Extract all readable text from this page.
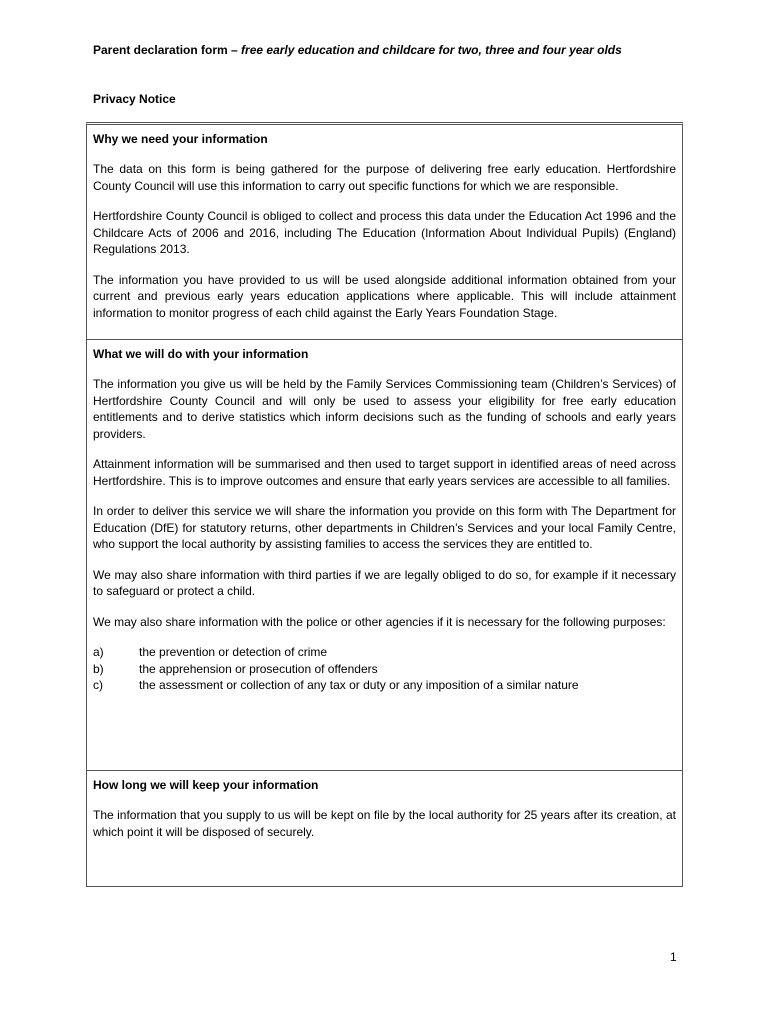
Parent declaration form – free early education and childcare for two, three and four year olds
Privacy Notice
Why we need your information

The data on this form is being gathered for the purpose of delivering free early education. Hertfordshire County Council will use this information to carry out specific functions for which we are responsible.

Hertfordshire County Council is obliged to collect and process this data under the Education Act 1996 and the Childcare Acts of 2006 and 2016, including The Education (Information About Individual Pupils) (England) Regulations 2013.

The information you have provided to us will be used alongside additional information obtained from your current and previous early years education applications where applicable. This will include attainment information to monitor progress of each child against the Early Years Foundation Stage.

What we will do with your information

The information you give us will be held by the Family Services Commissioning team (Children’s Services) of Hertfordshire County Council and will only be used to assess your eligibility for free early education entitlements and to derive statistics which inform decisions such as the funding of schools and early years providers.

Attainment information will be summarised and then used to target support in identified areas of need across Hertfordshire. This is to improve outcomes and ensure that early years services are accessible to all families.

In order to deliver this service we will share the information you provide on this form with The Department for Education (DfE) for statutory returns, other departments in Children’s Services and your local Family Centre, who support the local authority by assisting families to access the services they are entitled to.

We may also share information with third parties if we are legally obliged to do so, for example if it necessary to safeguard or protect a child.

We may also share information with the police or other agencies if it is necessary for the following purposes:

a)	the prevention or detection of crime
b)	the apprehension or prosecution of offenders
c)	the assessment or collection of any tax or duty or any imposition of a similar nature
How long we will keep your information

The information that you supply to us will be kept on file by the local authority for 25 years after its creation, at which point it will be disposed of securely.

1
